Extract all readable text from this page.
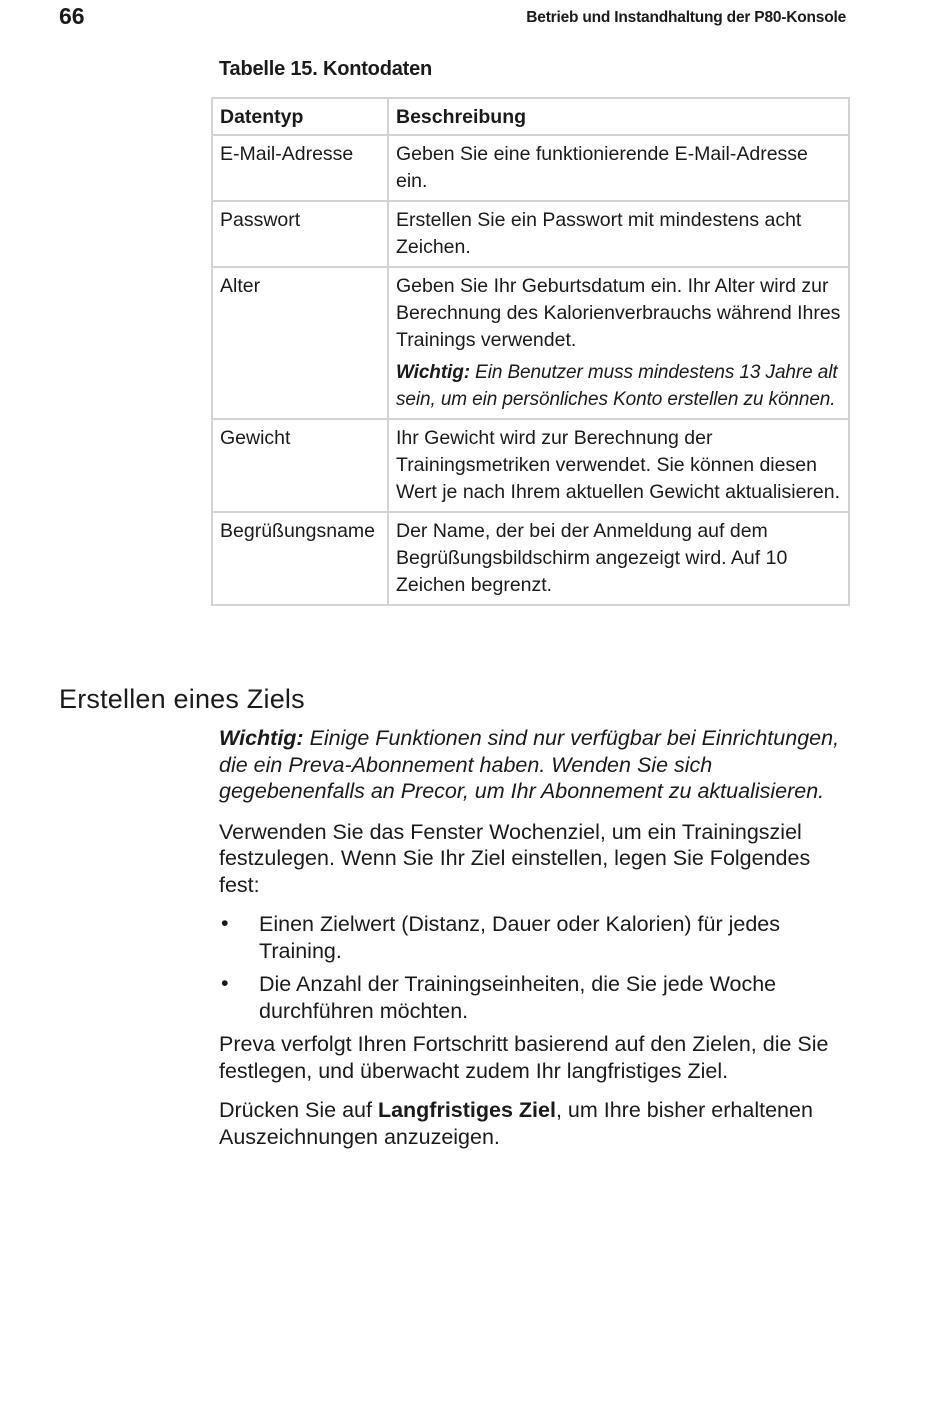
66	Betrieb und Instandhaltung der P80-Konsole
Tabelle 15. Kontodaten
Datentyp	Beschreibung
E-Mail-Adresse	Geben Sie eine funktionierende E-Mail-Adresse ein.
Passwort	Erstellen Sie ein Passwort mit mindestens acht Zeichen.
Alter	Geben Sie Ihr Geburtsdatum ein. Ihr Alter wird zur Berechnung des Kalorienverbrauchs während Ihres Trainings verwendet.
Wichtig: Ein Benutzer muss mindestens 13 Jahre alt sein, um ein persönliches Konto erstellen zu können.

Gewicht	Ihr Gewicht wird zur Berechnung der Trainingsmetriken verwendet. Sie können diesen Wert je nach Ihrem aktuellen Gewicht aktualisieren.
Begrüßungsname	Der Name, der bei der Anmeldung auf dem Begrüßungsbildschirm angezeigt wird. Auf 10 Zeichen begrenzt.
Erstellen eines Ziels

Wichtig: Einige Funktionen sind nur verfügbar bei Einrichtungen, die ein Preva-Abonnement haben. Wenden Sie sich gegebenenfalls an Precor, um Ihr Abonnement zu aktualisieren.

Verwenden Sie das Fenster Wochenziel, um ein Trainingsziel festzulegen. Wenn Sie Ihr Ziel einstellen, legen Sie Folgendes fest:

• Einen Zielwert (Distanz, Dauer oder Kalorien) für jedes Training.
• Die Anzahl der Trainingseinheiten, die Sie jede Woche durchführen möchten.

Preva verfolgt Ihren Fortschritt basierend auf den Zielen, die Sie festlegen, und überwacht zudem Ihr langfristiges Ziel.

Drücken Sie auf Langfristiges Ziel, um Ihre bisher erhaltenen Auszeichnungen anzuzeigen.
